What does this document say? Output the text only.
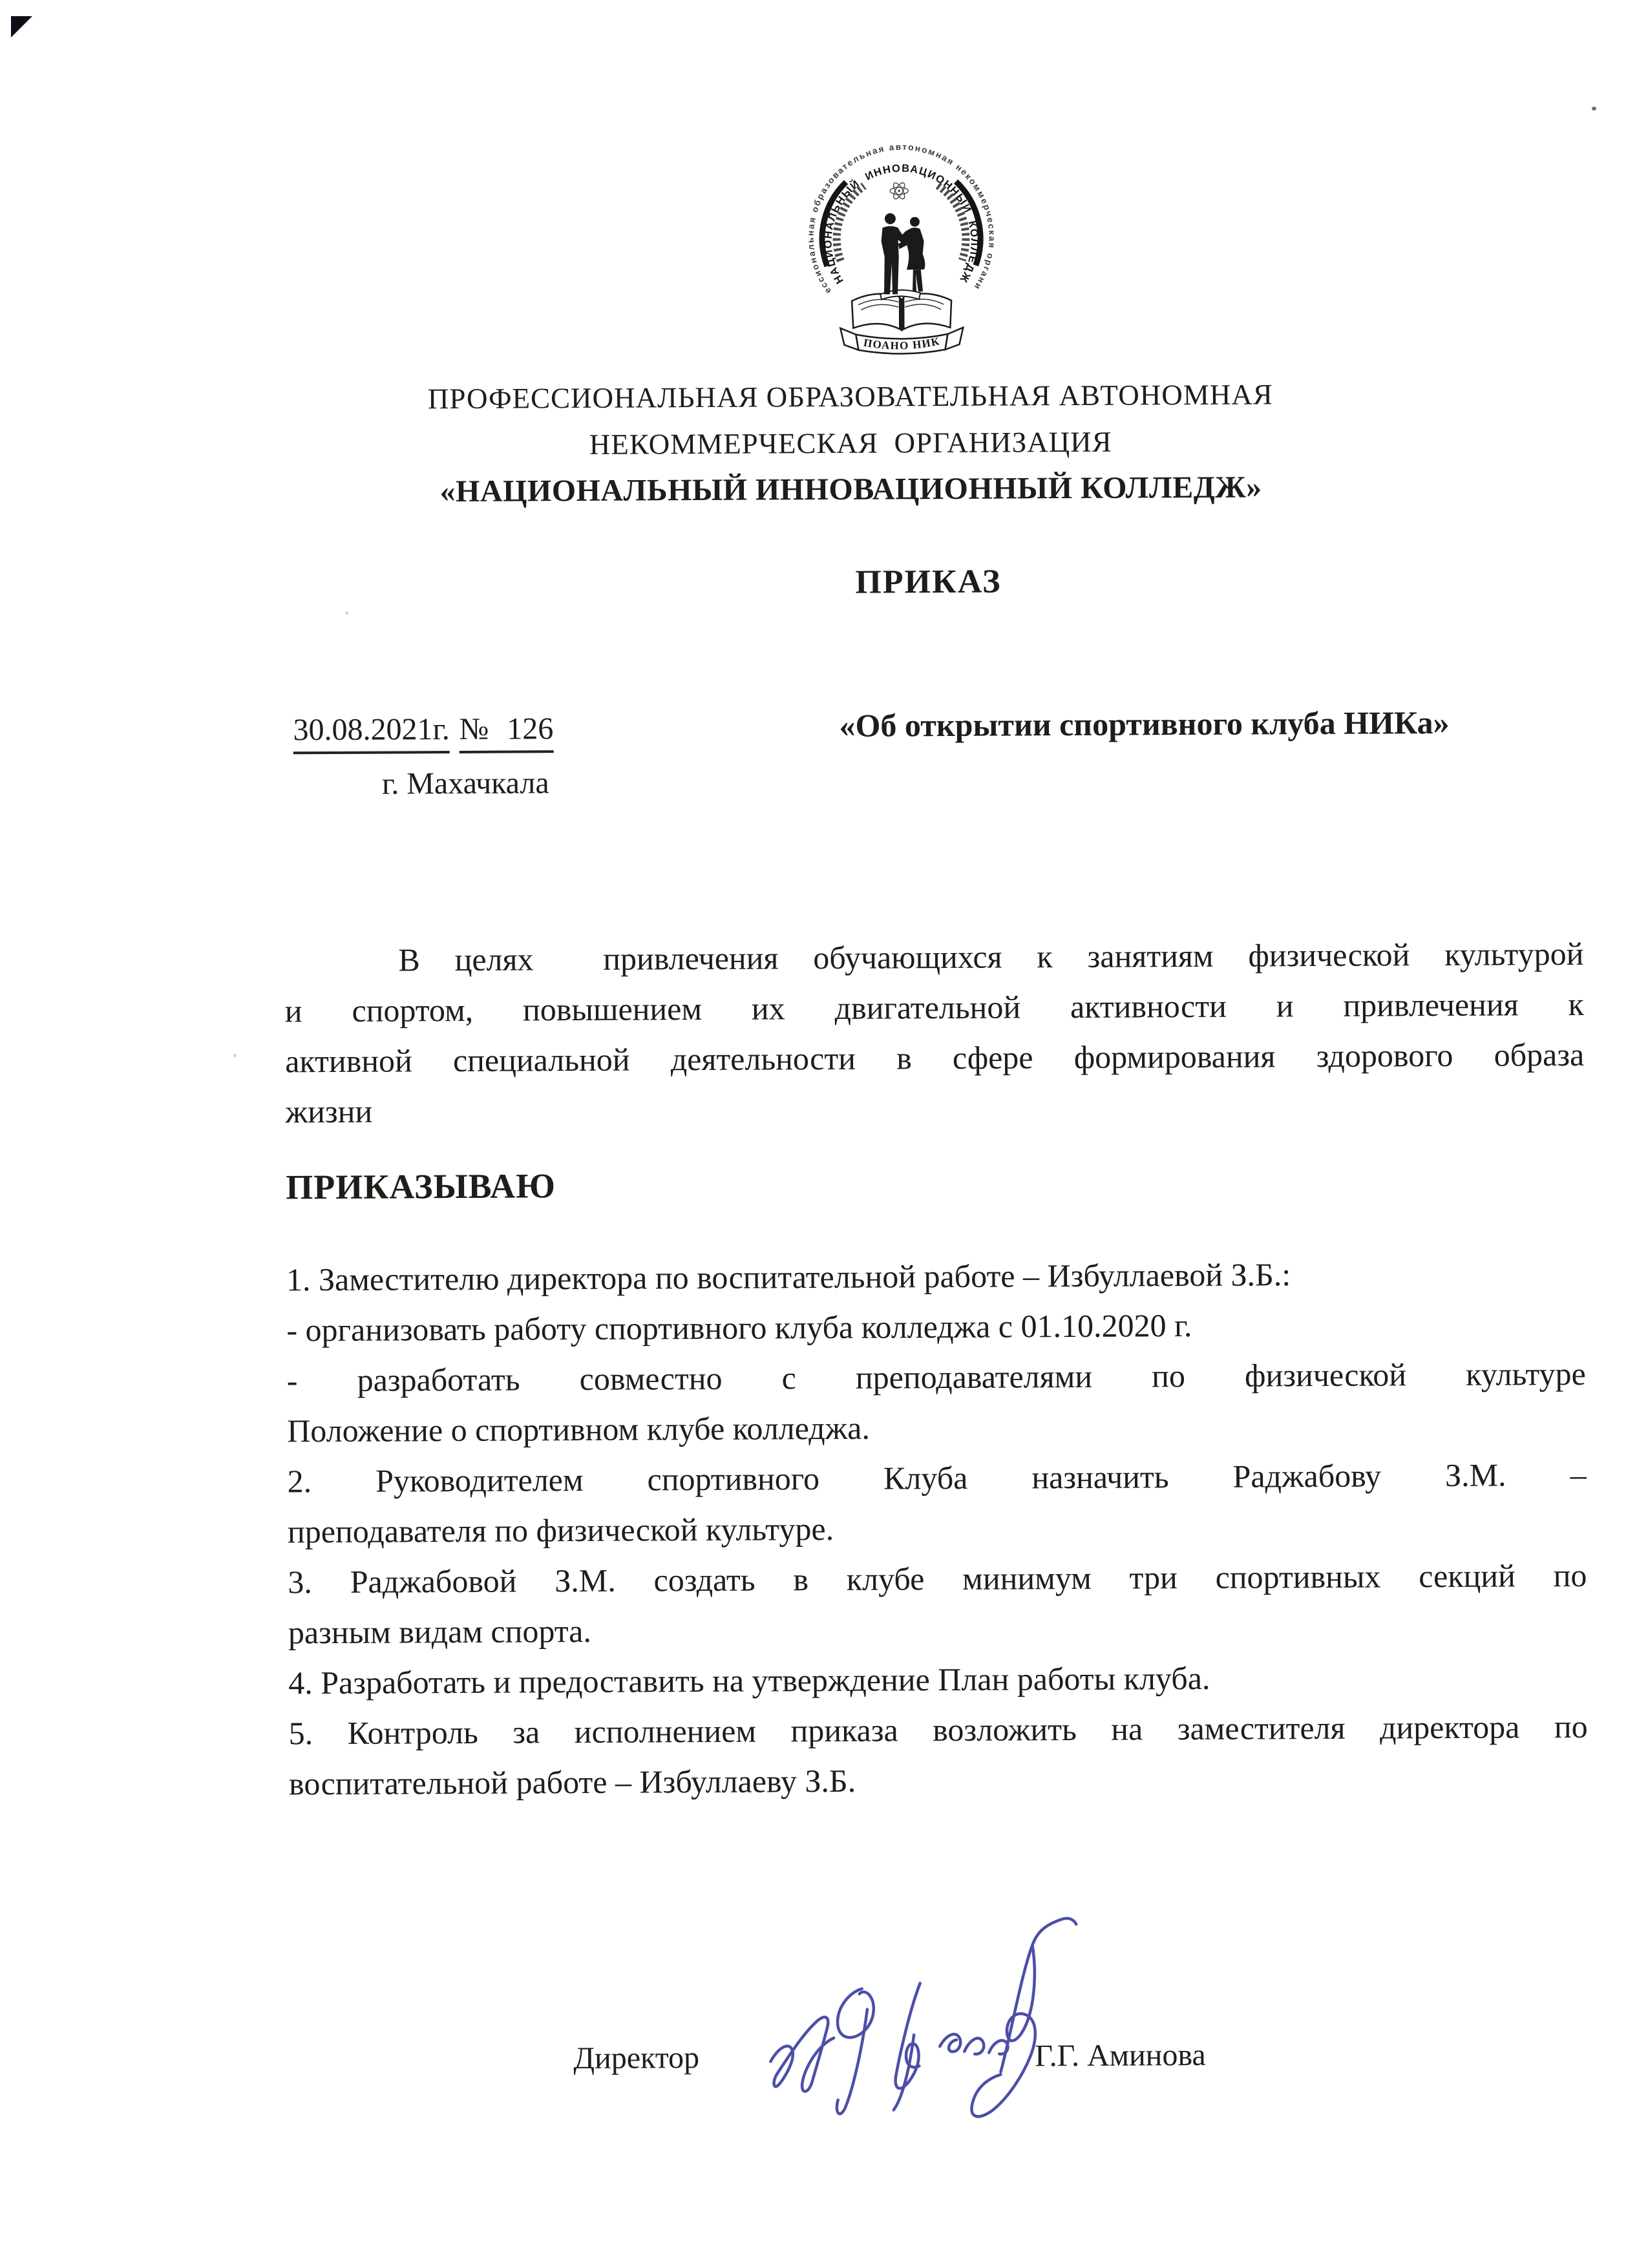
профессиональная образовательная автономная некоммерческая организация
НАЦИОНАЛЬНЫЙ ИННОВАЦИОННЫЙ КОЛЛЕДЖ
ПОАНО НИК
ПРОФЕССИОНАЛЬНАЯ ОБРАЗОВАТЕЛЬНАЯ АВТОНОМНАЯ
НЕКОММЕРЧЕСКАЯ  ОРГАНИЗАЦИЯ
«НАЦИОНАЛЬНЫЙ ИННОВАЦИОННЫЙ КОЛЛЕДЖ»
ПРИКАЗ
30.08.2021г. № 126	«Об открытии спортивного клуба НИКа»
г. Махачкала
В целях  привлечения обучающихся к занятиям физической культурой
и спортом, повышением их двигательной активности и привлечения к
активной специальной деятельности в сфере формирования здорового образа
жизни
ПРИКАЗЫВАЮ
1. Заместителю директора по воспитательной работе – Избуллаевой З.Б.:
- организовать работу спортивного клуба колледжа с 01.10.2020 г.
- разработать совместно с преподавателями по физической культуре
Положение о спортивном клубе колледжа.
2. Руководителем спортивного Клуба назначить Раджабову З.М. –
преподавателя по физической культуре.
3. Раджабовой З.М. создать в клубе минимум три спортивных секций по
разным видам спорта.
4. Разработать и предоставить на утверждение План работы клуба.
5. Контроль за исполнением приказа возложить на заместителя директора по
воспитательной работе – Избуллаеву З.Б.
Директор	Г.Г. Аминова
